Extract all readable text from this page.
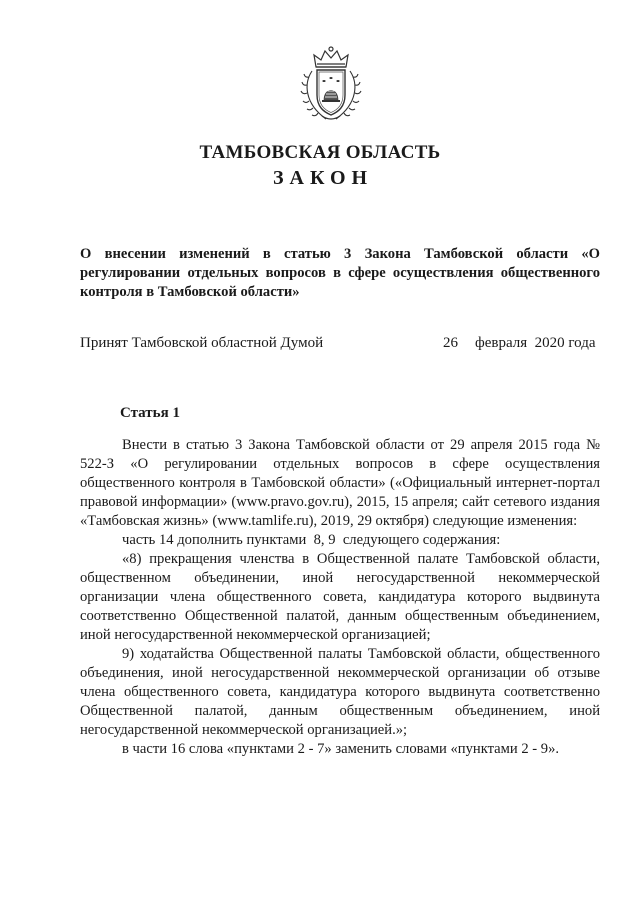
ТАМБОВСКАЯ ОБЛАСТЬ
ЗАКОН
О внесении изменений в статью 3 Закона Тамбовской области «О регулировании отдельных вопросов в сфере осуществления общественного контроля в Тамбовской области»
Принят Тамбовской областной Думой	26 февраля  2020 года
Статья 1

Внести в статью 3 Закона Тамбовской области от 29 апреля 2015 года № 522-З «О регулировании отдельных вопросов в сфере осуществления общественного контроля в Тамбовской области» («Официальный интернет-портал правовой информации» (www.pravo.gov.ru), 2015, 15 апреля; сайт сетевого издания «Тамбовская жизнь» (www.tamlife.ru), 2019, 29 октября) следующие изменения:

часть 14 дополнить пунктами  8, 9  следующего содержания:

«8) прекращения членства в Общественной палате Тамбовской области, общественном объединении, иной негосударственной некоммерческой организации члена общественного совета, кандидатура которого выдвинута соответственно Общественной палатой, данным общественным объединением, иной негосударственной некоммерческой организацией;

9) ходатайства Общественной палаты Тамбовской области, общественного объединения, иной негосударственной некоммерческой организации об отзыве члена общественного совета, кандидатура которого выдвинута соответственно Общественной палатой, данным общественным объединением, иной негосударственной некоммерческой организацией.»;

в части 16 слова «пунктами 2 - 7» заменить словами «пунктами 2 - 9».
